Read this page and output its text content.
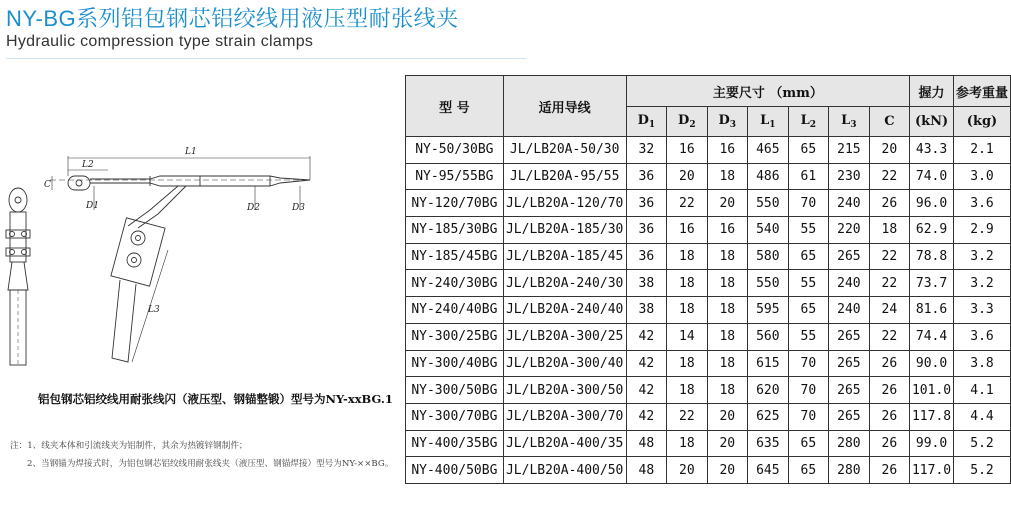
NY-BG系列铝包钢芯铝绞线用液压型耐张线夹
Hydraulic compression type strain clamps
L1
L2
L3
C
D1	D2	D3
铝包钢芯铝绞线用耐张线闪（液压型、钢锚整锻）型号为NY-xxBG.1
注：1、线夹本体和引流线夹为铝制件，其余为热镀锌钢制件；
2、当钢锚为焊接式时，为铝包钢芯铝绞线用耐张线夹（液压型、钢锚焊接）型号为NY-××BG。
型 号	适用导线	主要尺寸 （mm）							握力	参考重量
		$D_1$	$D_2$	$D_3$	$L_1$	$L_2$	$L_3$	C	(kN)	(kg)
NY-50/30BG	JL/LB20A-50/30	32	16	16	465	65	215	20	43.3	2.1
NY-95/55BG	JL/LB20A-95/55	36	20	18	486	61	230	22	74.0	3.0
NY-120/70BG	JL/LB20A-120/70	36	22	20	550	70	240	26	96.0	3.6
NY-185/30BG	JL/LB20A-185/30	36	16	16	540	55	220	18	62.9	2.9
NY-185/45BG	JL/LB20A-185/45	36	18	18	580	65	265	22	78.8	3.2
NY-240/30BG	JL/LB20A-240/30	38	18	18	550	55	240	22	73.7	3.2
NY-240/40BG	JL/LB20A-240/40	38	18	18	595	65	240	24	81.6	3.3
NY-300/25BG	JL/LB20A-300/25	42	14	18	560	55	265	22	74.4	3.6
NY-300/40BG	JL/LB20A-300/40	42	18	18	615	70	265	26	90.0	3.8
NY-300/50BG	JL/LB20A-300/50	42	18	18	620	70	265	26	101.0	4.1
NY-300/70BG	JL/LB20A-300/70	42	22	20	625	70	265	26	117.8	4.4
NY-400/35BG	JL/LB20A-400/35	48	18	20	635	65	280	26	99.0	5.2
NY-400/50BG	JL/LB20A-400/50	48	20	20	645	65	280	26	117.0	5.2
